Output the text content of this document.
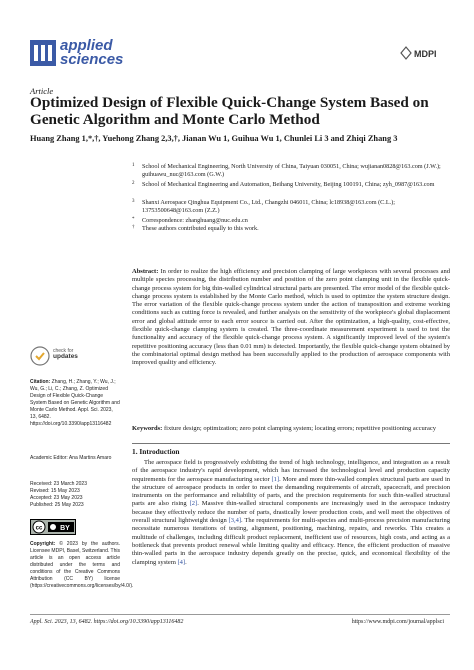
applied
sciences	MDPI
Article
Optimized Design of Flexible Quick-Change System Based on Genetic Algorithm and Monte Carlo Method
Huang Zhang 1,*,†, Yuehong Zhang 2,3,†, Jianan Wu 1, Guihua Wu 1, Chunlei Li 3 and Zhiqi Zhang 3
1 School of Mechanical Engineering, North University of China, Taiyuan 030051, China; wujianan0828@163.com (J.W.); guihuawu_nuc@163.com (G.W.)
2 School of Mechanical Engineering and Automation, Beihang University, Beijing 100191, China; zyh_0987@163.com
3 Shanxi Aerospace Qinghua Equipment Co., Ltd., Changzhi 046011, China; lc18938@163.com (C.L.); 13753500648@163.com (Z.Z.)
* Correspondence: zhanghuang@nuc.edu.cn
† These authors contributed equally to this work.
Abstract: In order to realize the high efficiency and precision clamping of large workpieces with several processes and multiple species processing, the distribution number and position of the zero point clamping unit in the flexible quick-change process system for big thin-walled cylindrical structural parts are presented. The error model of the flexible quick-change process system is established by the Monte Carlo method, which is used to optimize the system structure design. The error variation of the flexible quick-change process system under the action of transposition and extreme working conditions such as cutting force is revealed, and further analysis on the sensitivity of the workpiece's global displacement error and global attitude error to each error source is carried out. After the optimization, a high-quality, cost-effective, flexible quick-change clamping system is created. The three-coordinate measurement experiment is used to test the functionality and accuracy of the flexible quick-change process system. A significantly improved level of the system's repetitive positioning accuracy (less than 0.01 mm) is detected. Importantly, the flexible quick-change system obtained by the combinatorial optimal design method has been successfully applied to the production of aerospace components with improved quality and efficiency.
Keywords: fixture design; optimization; zero point clamping system; locating errors; repetitive positioning accuracy
1. Introduction
The aerospace field is progressively exhibiting the trend of high technology, intelligence, and integration as a result of the aerospace industry's rapid development, which has increased the technological level and production capacity requirements for the aerospace manufacturing sector [1]. More and more thin-walled complex structural parts are used in the structure of aerospace products in order to meet the demanding requirements of aircraft, spacecraft, and precision instruments on the performance and reliability of parts, and the precision requirements for such thin-walled structural parts are also rising [2]. Massive thin-walled structural components are increasingly used in the aerospace industry because they effectively reduce the number of parts, drastically lower production costs, and well meet the objectives of overall structural lightweight design [3,4]. The requirements for multi-species and multi-process precision manufacturing necessitate numerous iterations of testing, alignment, positioning, machining, repairs, and reworks. This creates a multitude of challenges, including difficult product replacement, inefficient use of resources, high costs, and acting as a bottleneck that prevents product renewal while limiting quality and efficacy. Hence, the efficient production of massive thin-walled parts in the aerospace industry depends greatly on the precise, quick, and economical flexibility of the clamping system [4].
check for
updates
Citation: Zhang, H.; Zhang, Y.; Wu, J.; Wu, G.; Li, C.; Zhang, Z. Optimized Design of Flexible Quick-Change System Based on Genetic Algorithm and Monte Carlo Method. Appl. Sci. 2023, 13, 6482. https://doi.org/10.3390/app13116482
Academic Editor: Ana Martins Amaro
Received: 23 March 2023
Revised: 15 May 2023
Accepted: 23 May 2023
Published: 25 May 2023
cc	BY
Copyright: © 2023 by the authors. Licensee MDPI, Basel, Switzerland. This article is an open access article distributed under the terms and conditions of the Creative Commons Attribution (CC BY) license (https://creativecommons.org/licenses/by/4.0/).
Appl. Sci. 2023, 13, 6482. https://doi.org/10.3390/app13116482	https://www.mdpi.com/journal/applsci
